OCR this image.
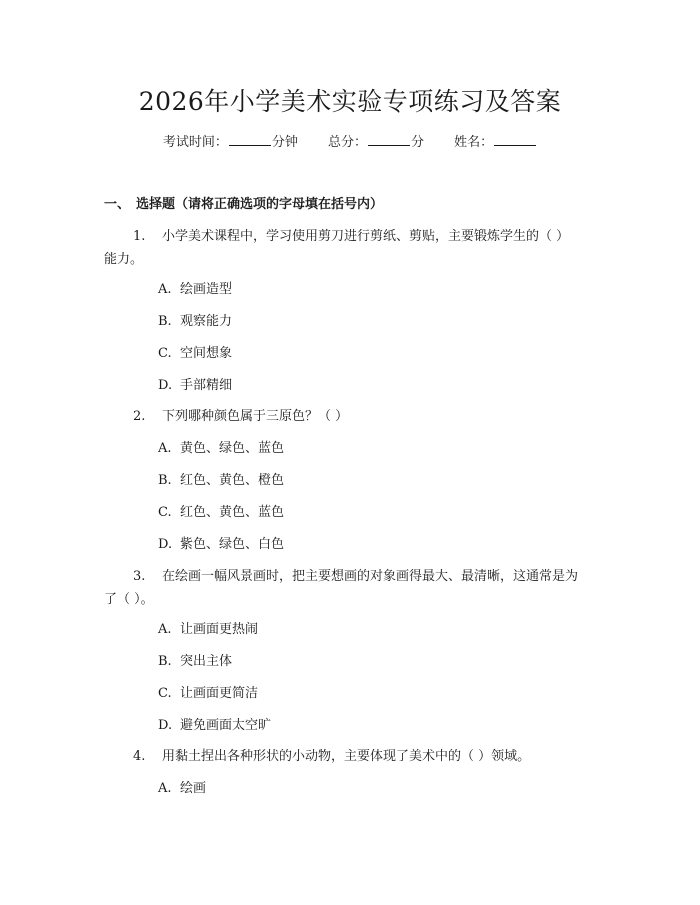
2026年小学美术实验专项练习及答案
考试时间：	分钟 总分：	分 姓名：
一、 选择题（请将正确选项的字母填在括号内）
1. 小学美术课程中，学习使用剪刀进行剪纸、剪贴，主要锻炼学生的（ ）
能力。
A. 绘画造型
B. 观察能力
C. 空间想象
D. 手部精细
2. 下列哪种颜色属于三原色？（ ）
A. 黄色、绿色、蓝色
B. 红色、黄色、橙色
C. 红色、黄色、蓝色
D. 紫色、绿色、白色
3. 在绘画一幅风景画时，把主要想画的对象画得最大、最清晰，这通常是为
了（ ）。
A. 让画面更热闹
B. 突出主体
C. 让画面更简洁
D. 避免画面太空旷
4. 用黏土捏出各种形状的小动物，主要体现了美术中的（ ）领域。
A. 绘画
